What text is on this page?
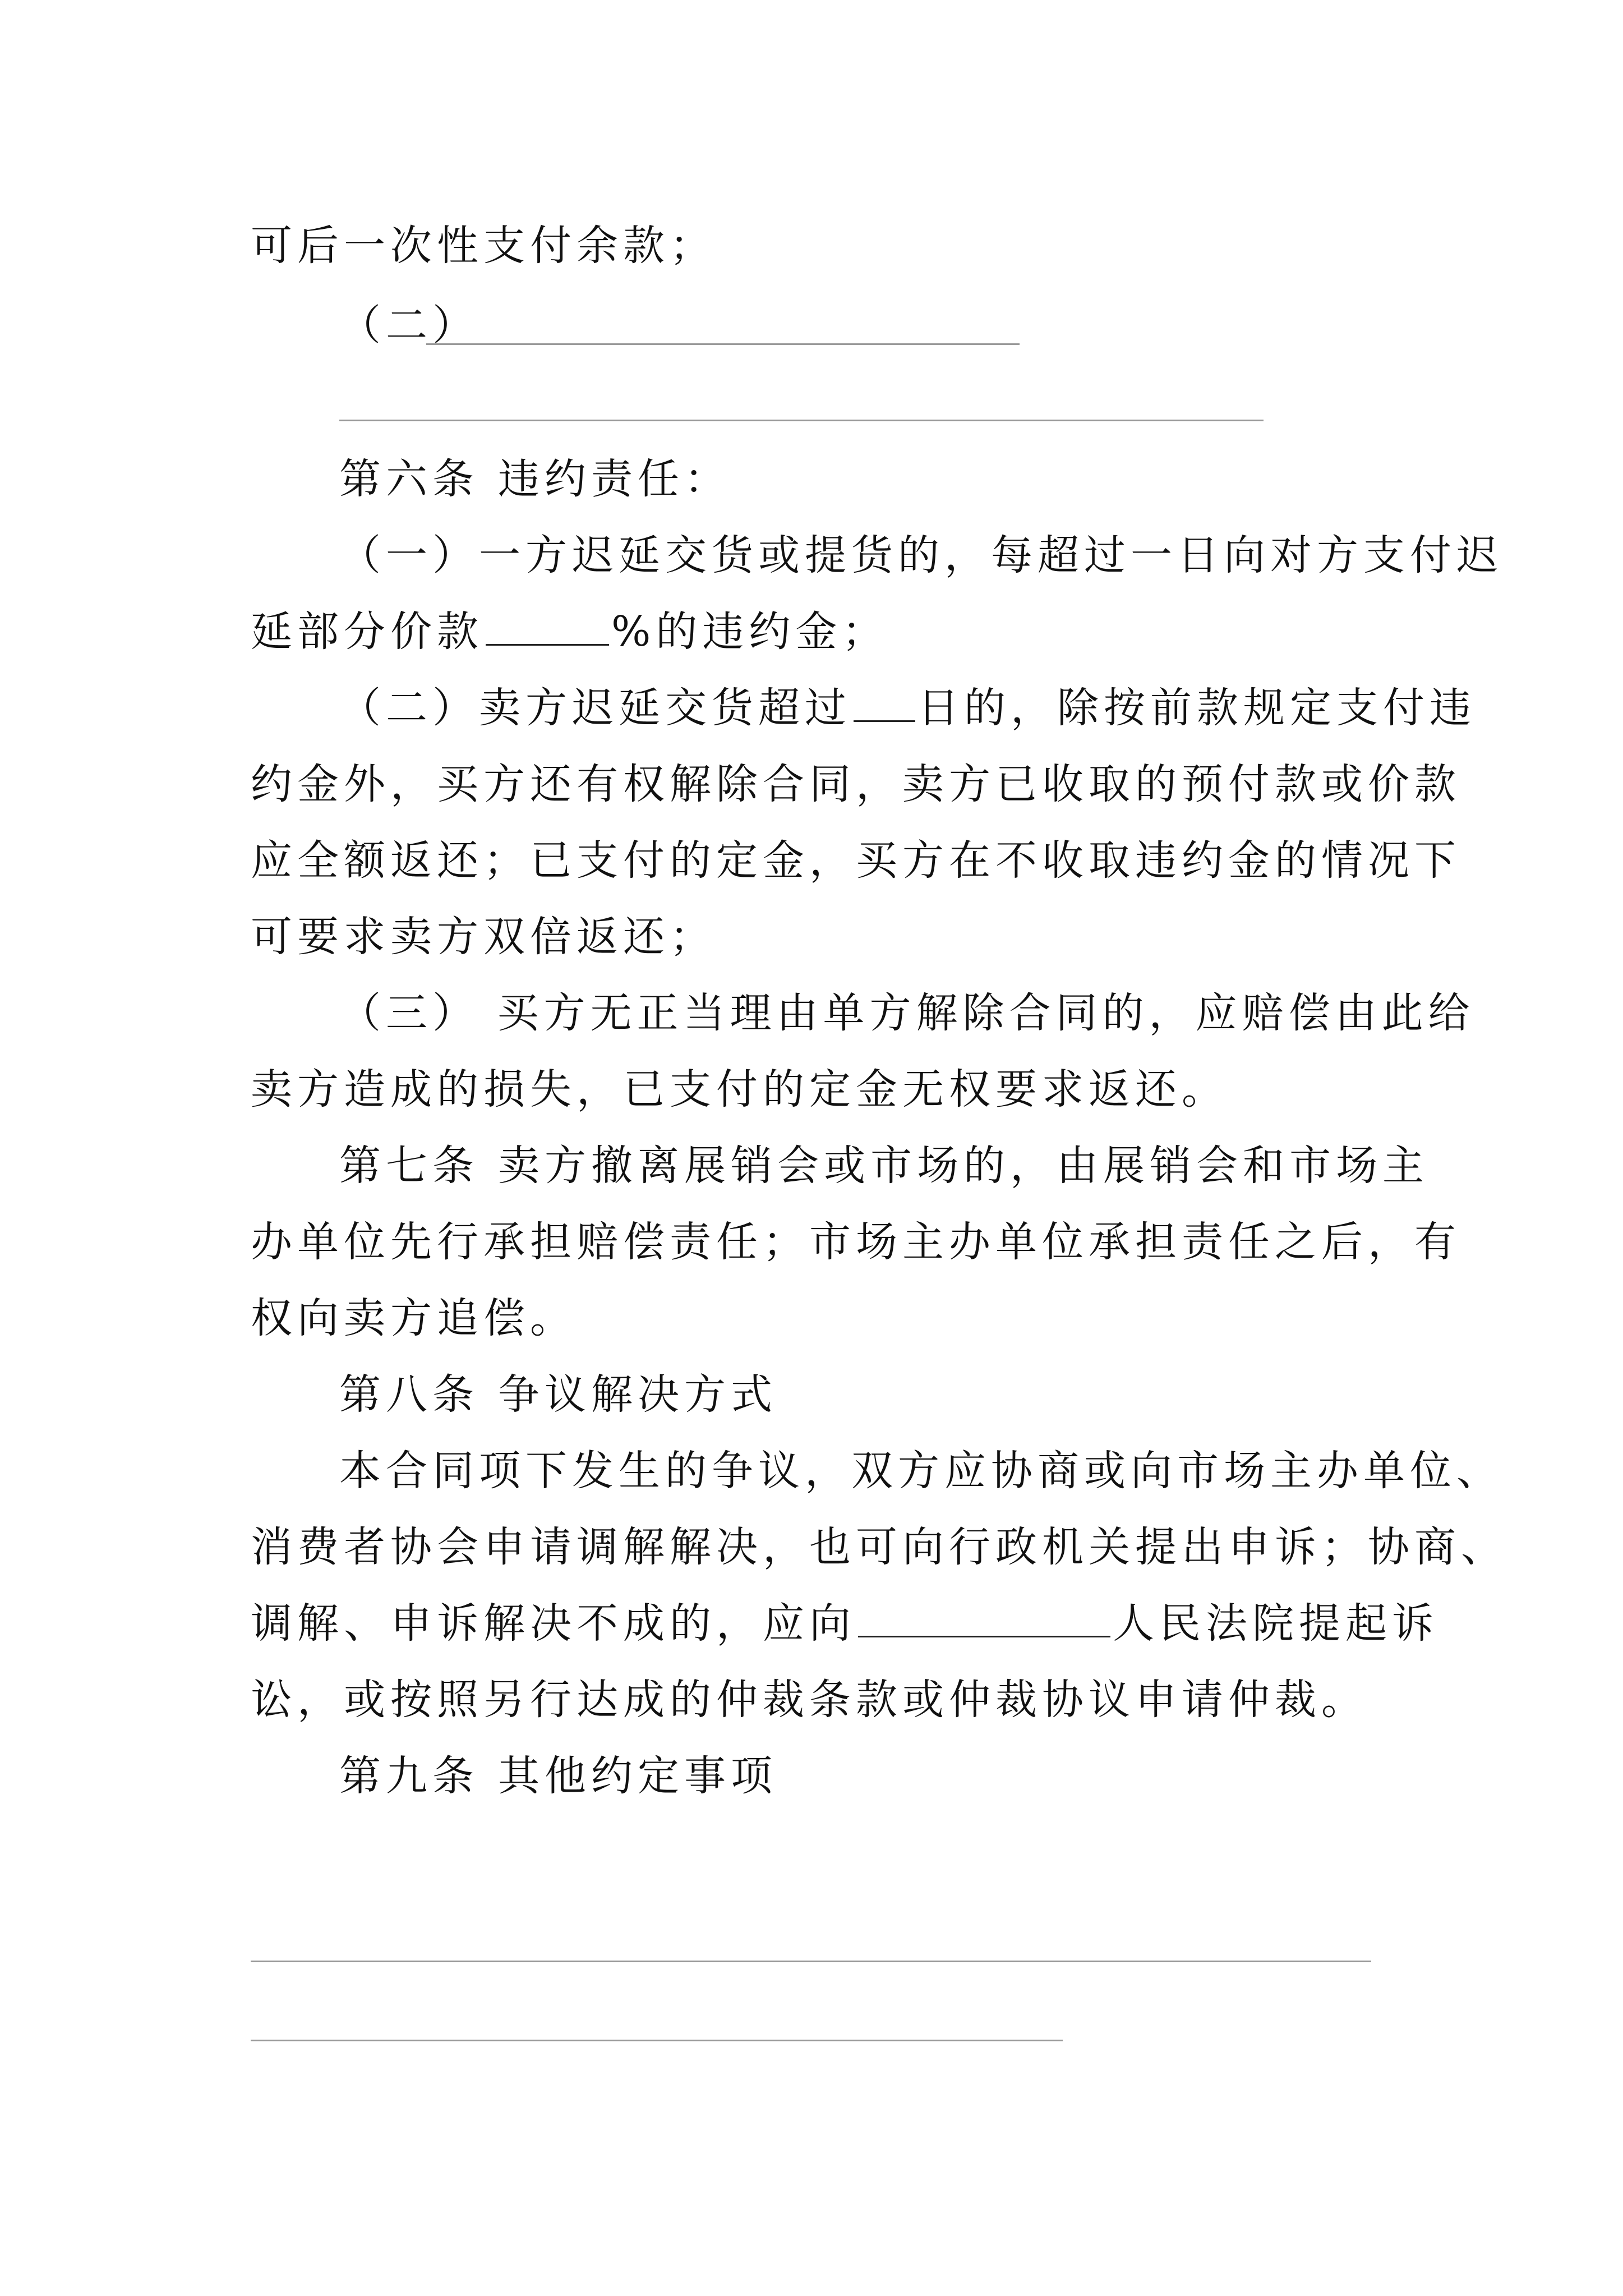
可后一次性支付余款；
（二）
第六条 违约责任：
（一）一方迟延交货或提货的，每超过一日向对方支付迟
延部分价款	%的违约金；
（二）卖方迟延交货超过 日的，除按前款规定支付违
约金外，买方还有权解除合同，卖方已收取的预付款或价款
应全额返还；已支付的定金，买方在不收取违约金的情况下
可要求卖方双倍返还；
（三） 买方无正当理由单方解除合同的，应赔偿由此给
卖方造成的损失，已支付的定金无权要求返还。
第七条 卖方撤离展销会或市场的，由展销会和市场主
办单位先行承担赔偿责任；市场主办单位承担责任之后，有
权向卖方追偿。
第八条 争议解决方式
本合同项下发生的争议，双方应协商或向市场主办单位、
消费者协会申请调解解决，也可向行政机关提出申诉；协商、
调解、申诉解决不成的，应向	人民法院提起诉
讼，或按照另行达成的仲裁条款或仲裁协议申请仲裁。
第九条 其他约定事项
